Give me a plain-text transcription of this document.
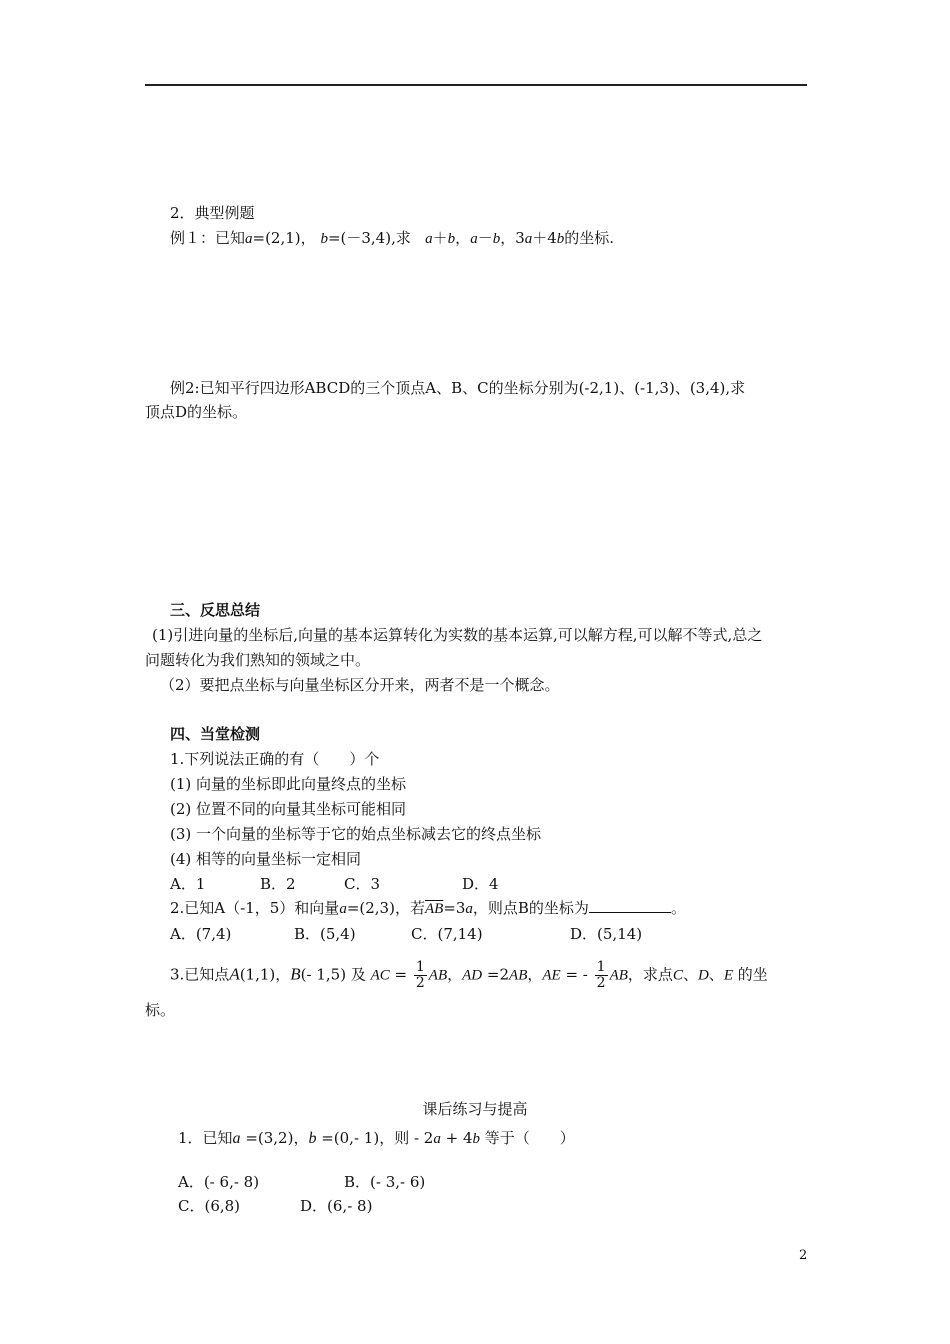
2．典型例题
例１：已知a=(2,1)， b=(－3,4),求 a＋b，a－b，3a＋4b的坐标.
例2:已知平行四边形ABCD的三个顶点A、B、C的坐标分别为(-2,1)、(-1,3)、(3,4),求
顶点D的坐标。
三、反思总结
(1)引进向量的坐标后,向量的基本运算转化为实数的基本运算,可以解方程,可以解不等式,总之
问题转化为我们熟知的领域之中。
（2）要把点坐标与向量坐标区分开来，两者不是一个概念。
四、当堂检测
1.下列说法正确的有（　　）个
(1) 向量的坐标即此向量终点的坐标
(2) 位置不同的向量其坐标可能相同
(3) 一个向量的坐标等于它的始点坐标减去它的终点坐标
(4) 相等的向量坐标一定相同
A．1	B．2	C．3	D．4
2.已知A（-1，5）和向量a=(2,3)，若$\overline{AB}=3a$，则点B的坐标为	。
A．(7,4)	B．(5,4)	C．(7,14)	D．(5,14)
3.已知点A(1,1)，B(- 1,5) 及 AC = $\frac{1}{2}$ AB，AD =2AB，AE = - $\frac{1}{2}$ AB，求点C、D、E 的坐
标。
课后练习与提高
1．已知a =(3,2)，b =(0,- 1)，则 - 2a + 4b 等于（　　）
A．(- 6,- 8)	B．(- 3,- 6)
C．(6,8)	D．(6,- 8)
2
